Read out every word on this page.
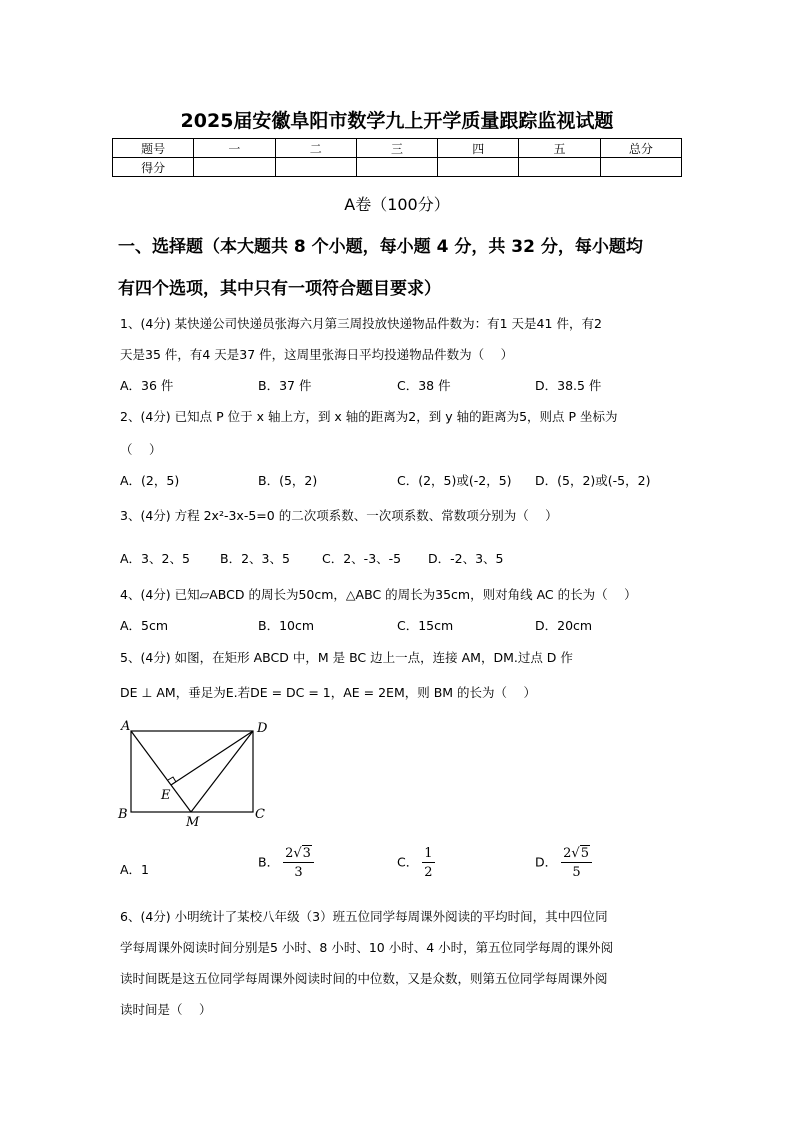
2025届安徽阜阳市数学九上开学质量跟踪监视试题
题号	一	二	三	四	五	总分
得分						
A卷（100分）
一、选择题（本大题共 8 个小题，每小题 4 分，共 32 分，每小题均
有四个选项，其中只有一项符合题目要求）
1、(4分) 某快递公司快递员张海六月第三周投放快递物品件数为：有1 天是41 件，有2
天是35 件，有4 天是37 件，这周里张海日平均投递物品件数为（　 ）
A．36 件	B．37 件	C．38 件	D．38.5 件
2、(4分) 已知点 P 位于 x 轴上方，到 x 轴的距离为2，到 y 轴的距离为5，则点 P 坐标为
（　 ）
A．(2，5)	B．(5，2)	C．(2，5)或(-2，5) D．(5，2)或(-5，2)
3、(4分) 方程 2x²-3x-5=0 的二次项系数、一次项系数、常数项分别为（　 ）
A．3、2、5 B．2、3、5	C．2、-3、-5 D．-2、3、5
4、(4分) 已知▱ABCD 的周长为50cm，△ABC 的周长为35cm，则对角线 AC 的长为（　 ）
A．5cm	B．10cm	C．15cm	D．20cm
5、(4分) 如图，在矩形 ABCD 中，M 是 BC 边上一点，连接 AM，DM.过点 D 作
DE ⊥ AM，垂足为E.若DE = DC = 1，AE = 2EM，则 BM 的长为（　 ）
A	D
E
B
M
C
A．1	B． $\frac{2√3}{3}$	C． $\frac{1}{2}$	D． $\frac{2√5}{5}$
6、(4分) 小明统计了某校八年级（3）班五位同学每周课外阅读的平均时间，其中四位同
学每周课外阅读时间分别是5 小时、8 小时、10 小时、4 小时，第五位同学每周的课外阅
读时间既是这五位同学每周课外阅读时间的中位数，又是众数，则第五位同学每周课外阅
读时间是（　 ）
